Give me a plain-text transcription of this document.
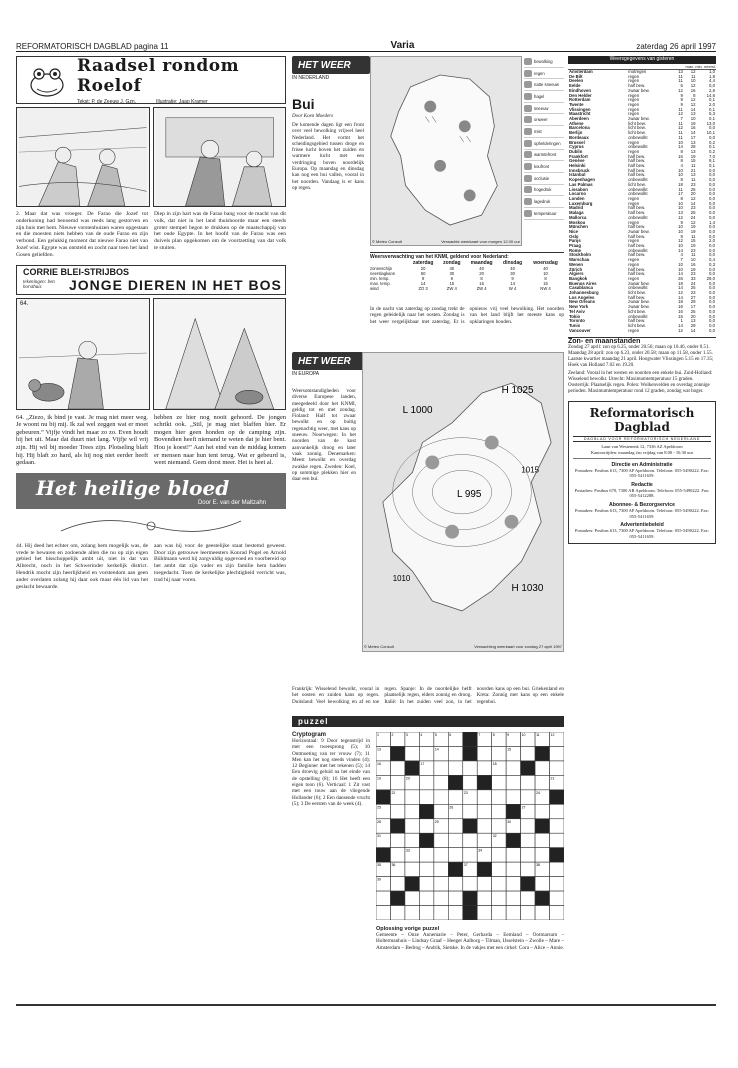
REFORMATORISCH DAGBLAD pagina 11	Varia	zaterdag 26 april 1997
Raadsel rondom Roelof
Tekst: P. de Zeeuw J. Gzn.	Illustratie: Jaap Kramer

2. Maar dat was vroeger. De Farao die Jozef tot onderkoning had benoemd was reeds lang gestorven en zijn huis met hem. Nieuwe vorstenhuizen waren opgestaan en die moesten niets hebben van de oude Farao en zijn verbond. Een gelukkig moment dat nieuwe Farao niet van Jozef wist. Egypte was ontsteld en zocht naar toen het land Gosen geliefden.

Diep in zijn hart was de Farao bang voor de macht van dit volk, dat niet in het land thuishoorde maar een steeds groter stempel begon te drukken op de maatschappij van het oude Egypte. In het hoofd van de Farao was een duivels plan opgekomen om de voortzetting van dat volk te stuiten.

CORRIE BLEI-STRIJBOS
tekeningen: ben horsthuis	JONGE DIEREN IN HET BOS
64.

64. „Ziezo, ik bind je vast. Je mag niet meer weg. Je woont nu bij mij. Ik zal wel zeggen wat er moet gebeuren.” Vijfje vindt het maar zo zo. Even houdt hij het uit. Maar dat duurt niet lang. Vijfje wil vrij zijn. Hij wil bij moeder Trees zijn. Plotseling blaft hij. Hij blaft zo hard, als hij nog niet eerder heeft gedaan.

hebben ze hier nog nooit gehoord. De jongen schrikt ook. „Stil, je mag niet blaffen hier. Er mogen hier geen honden op de camping zijn. Bovendien heeft niemand te weten dat je hier bent. Hou je koest!” Aan het eind van de middag komen er mensen naar hun tent terug. Wat er gebeurd is, weet niemand. Geen dorst meer. Het is heet al.

Het heilige bloed
Door E. van der Maltzahn

44. Hij deed het echter om, zolang hem mogelijk was, de vrede te bewaren en zodoende allen die nu op zijn eigen gebied het bisschoppelijk ambt uit, niet in dat van Albrecht, noch in het Schwerinder kerkelijk district. Hendrik mocht zijn heerlijkheid en vorstendom aan geen ander overlaten zolang hij daar ook maar één lid van het geslacht bewaarde.

aan was hij voor de geestelijke staat bestemd geweest. Door zijn getrouwe leermeesters Konrad Pogel en Arnold Bühlmann werd hij zorgvuldig opgevoed en voorbereid op het ambt dat zijn vader en zijn familie hem hadden toegedacht. Toen de kerkelijke plechtigheid verricht was, trad hij naar voren.

HET WEER
IN NEDERLAND
Bui
Door Koen Moeders

De komende dagen ligt een front over veel bewolking vrijwel heel Nederland. Het vormt het scheidingsgebied tussen droge en frisse lucht boven het zuiden en warmere lucht met een verdringing boven noordelijk Europa. Op maandag en dinsdag kan nog een bui vallen, vooral in het noorden. Vandaag is er kans op regen.

© Meteo Consult	Verwachte weerkaart voor morgen 12.00 uur
bewolking
regen
natte sneeuw
hagel
sneeuw
onweer
mist
ophelderingen
warmtefront
koufront
occlusie
hogedruk
lagedruk
temperatuur
Weersverwachting van het KNMI, geldend voor Nederland:
	zaterdag	zondag	maandag	dinsdag	woensdag
zonneschijn	20	40	40	40	40
neerslagkans	50	30	20	30	10
min. temp.	9	9	8	9	8
max. temp.	14	15	15	14	15
wind	ZO 3	ZW 4	ZW 4	W 4	NW 4

In de nacht van zaterdag op zondag trekt de regen geleidelijk naar het oosten. Zondag is het weer vergelijkbaar met zaterdag. Er is opnieuw vrij veel bewolking. Het noorden van het land blijft het meeste kans op opklaringen houden.

HET WEER
IN EUROPA

Weersomstandigheden voor diverse Europese landen, meegedeeld door het KNMI, geldig tot en met zondag. Finland: Half tot zwaar bewolkt en op buitig regenachtig weer, met kans op sneeuw. Noorwegen: In het noorden van de kust aanvankelijk droog en later vaak zonnig. Denemarken: Meest bewolkt en overdag zwakke regen. Zweden: Koel, op sommige plekken hier en daar een bui.

L 1000
H 1025
L 995
H 1030
1010
1015
© Meteo Consult	Verwachting weerkaart voor zondag 27 april 1997

Frankrijk: Wisselend bewolkt, vooral in het oosten en zuiden kans op regen. Duitsland: Veel bewolking en af en toe regen. Spanje: In de noordelijke helft plaatselijk regen, elders zonnig en droog. Italië: In het zuiden veel zon, in het noorden kans op een bui. Griekenland en Kreta: Zonnig met kans op een enkele regenbui.

puzzel
Cryptogram

Horizontaal: 9 Door tegenstrijd in met een tweesprong (5); 10 Ontmoeting van ter vrouw (7); 11 Men kan het nog steeds vinden (4); 12 Beginner met het rekenen (5); 14 Een droevig geluid na het einde van de opstelling (8); 16 Het heeft een eigen toon (6). Verticaal: 1 Zit vast met een touw aan de vliegende Hollander (6); 2 Een dansende vrucht (5); 3 De eersten van de week (4).

1	2	3	4	5	6	7	8	9	10	11	12
13	14	15
16	17	18
19	20	21
22	23	24
25	26	27
28	29	30
31	32
33	34
35	36	37	38
39
Oplossing vorige puzzel

Gemeente – Onze Annemarie – Peter, Gerharda – Eemland – Ootmarsum – Holtermanhuis – Lindsay Graaf – Heeger Aalborg – Tilman, IJsselstein – Zwolle – Mare – Amsterdam – Bedrog – Andrik, Sietske. In de vakjes met een cirkel: Cora – Alice – Annie.

Weersgegevens van gisteren
max. min. neersl.
Amsterdam	motregen	13	12	1,0
De Bilt	regen	11	11	1,8
Deelen	regen	11	10	4,4
Eelde	half bew.	6	12	0,0
Eindhoven	zwaar bew.	12	16	2,6
Den Helder	regen	9	8	14,6
Rotterdam	regen	9	12	0,1
Twente	regen	9	12	2,0
Vlissingen	regen	11	14	0,1
Maastricht	regen	12	13	5,3
Aberdeen	zwaar bew.	7	10	0,1
Athene	licht bew.	11	19	13,0
Barcelona	licht bew.	12	16	0,0
Berlijn	licht bew.	11	14	10,1
Bordeaux	onbewolkt	11	17	0,0
Brussel	regen	10	13	0,2
Cyprus	onbewolkt	14	28	0,1
Dublin	regen	8	13	0,2
Frankfort	half bew.	16	19	7,0
Genève	half bew.	8	15	9,1
Helsinki	half bew.	4	11	0,1
Innsbruck	half bew.	10	21	0,0
Istanbul	half bew.	10	13	0,0
Kopenhagen	onbewolkt	8	11	0,0
Las Palmas	licht bew.	18	23	0,0
Lissabon	onbewolkt	11	25	0,0
Locarno	onbewolkt	17	20	0,0
Londen	regen	8	12	0,0
Luxemburg	regen	10	14	0,0
Madrid	half bew.	10	23	0,0
Malaga	half bew.	13	25	0,0
Mallorca	onbewolkt	12	24	0,0
Moskou	regen	9	12	1,4
München	half bew.	10	19	0,0
Nice	zwaar bew.	10	19	0,0
Oslo	half bew.	9	11	0,0
Parijs	regen	12	15	2,0
Praag	half bew.	10	19	0,0
Rome	onbewolkt	14	23	0,0
Stockholm	half bew.	4	11	0,0
Warschau	regen	7	10	0,4
Wenen	regen	10	16	0,3
Zürich	half bew.	10	19	0,0
Algiers	half bew.	14	23	0,0
Bangkok	regen	26	33	29,0
Buenos Aires	zwaar bew.	18	24	0,0
Casablanca	onbewolkt	14	25	0,0
Johannesburg	licht bew.	12	23	0,0
Los Angeles	half bew.	14	27	0,0
New Orleans	zwaar bew.	18	29	0,0
New York	zwaar bew.	16	17	0,0
Tel Aviv	licht bew.	16	25	0,0
Tokio	onbewolkt	15	20	0,0
Toronto	half bew.	1	13	0,0
Tunis	licht bew.	14	29	0,0
Vancouver	regen	12	14	0,0
Zon- en maanstanden

Zondag 27 april: zon op 6.25, onder 20.56; maan op 10.46, onder 0.51. Maandag 28 april: zon op 6.23, onder 20.58; maan op 11.58, onder 1.55. Laatste kwartier maandag 21 april. Hoogwater Vlissingen 5.15 en 17.35; Hoek van Holland 7.02 en 19.20.

Zeeland: Vooral in het westen en noorden een enkele bui. Zuid-Holland: Wisselend bewolkt. Utrecht: Maximumtemperatuur 15 graden. Oosterrijk: Plaatselijk regen. Polen: Wolkenvelden en overdag zonnige perioden. Maximumtemperatuur rond 12 graden, zondag wat hoger.

Reformatorisch Dagblad
DAGBLAD VOOR REFORMATORISCH NEDERLAND
Laan van Westenenk 12, 7336 AZ Apeldoorn
Kantoortijden: maandag t/m vrijdag van 8.00 - 16.30 uur
Directie en Administratie
Postadres: Postbus 613, 7300 AP Apeldoorn. Telefoon: 055-5490222. Fax: 055-5411659.
Redactie
Postadres: Postbus 670, 7300 AR Apeldoorn. Telefoon: 055-5490222. Fax: 055-5412288.
Abonnee- & Bezorgservice
Postadres: Postbus 613, 7300 AP Apeldoorn. Telefoon: 055-5490222. Fax: 055-5411659.
Advertentiebeleid
Postadres: Postbus 613, 7300 AP Apeldoorn. Telefoon: 055-5490222. Fax: 055-5411659.
